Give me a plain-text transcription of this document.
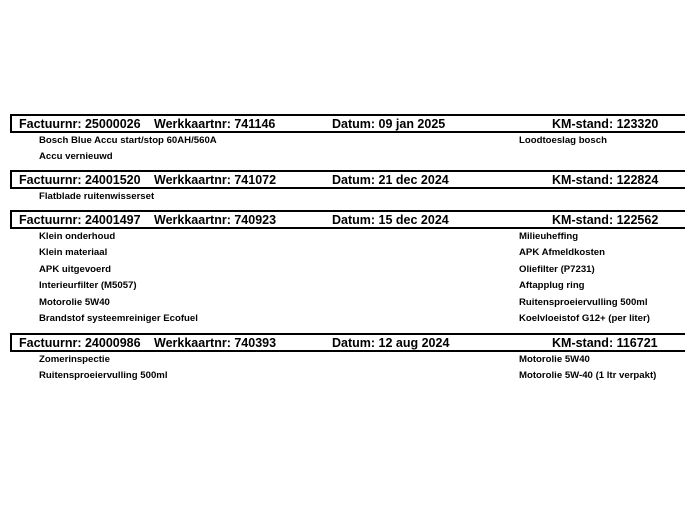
Factuurnr: 25000026 Werkkaartnr: 741146	Datum: 09 jan 2025	KM-stand: 123320
Bosch Blue Accu start/stop 60AH/560A	Loodtoeslag bosch
Accu vernieuwd
Factuurnr: 24001520 Werkkaartnr: 741072	Datum: 21 dec 2024	KM-stand: 122824
Flatblade ruitenwisserset
Factuurnr: 24001497 Werkkaartnr: 740923	Datum: 15 dec 2024	KM-stand: 122562
Klein onderhoud	Milieuheffing
Klein materiaal	APK Afmeldkosten
APK uitgevoerd	Oliefilter (P7231)
Interieurfilter (M5057)	Aftapplug ring
Motorolie 5W40	Ruitensproeiervulling 500ml
Brandstof systeemreiniger Ecofuel	Koelvloeistof G12+ (per liter)
Factuurnr: 24000986 Werkkaartnr: 740393	Datum: 12 aug 2024	KM-stand: 116721
Zomerinspectie	Motorolie 5W40
Ruitensproeiervulling 500ml	Motorolie 5W-40 (1 ltr verpakt)
